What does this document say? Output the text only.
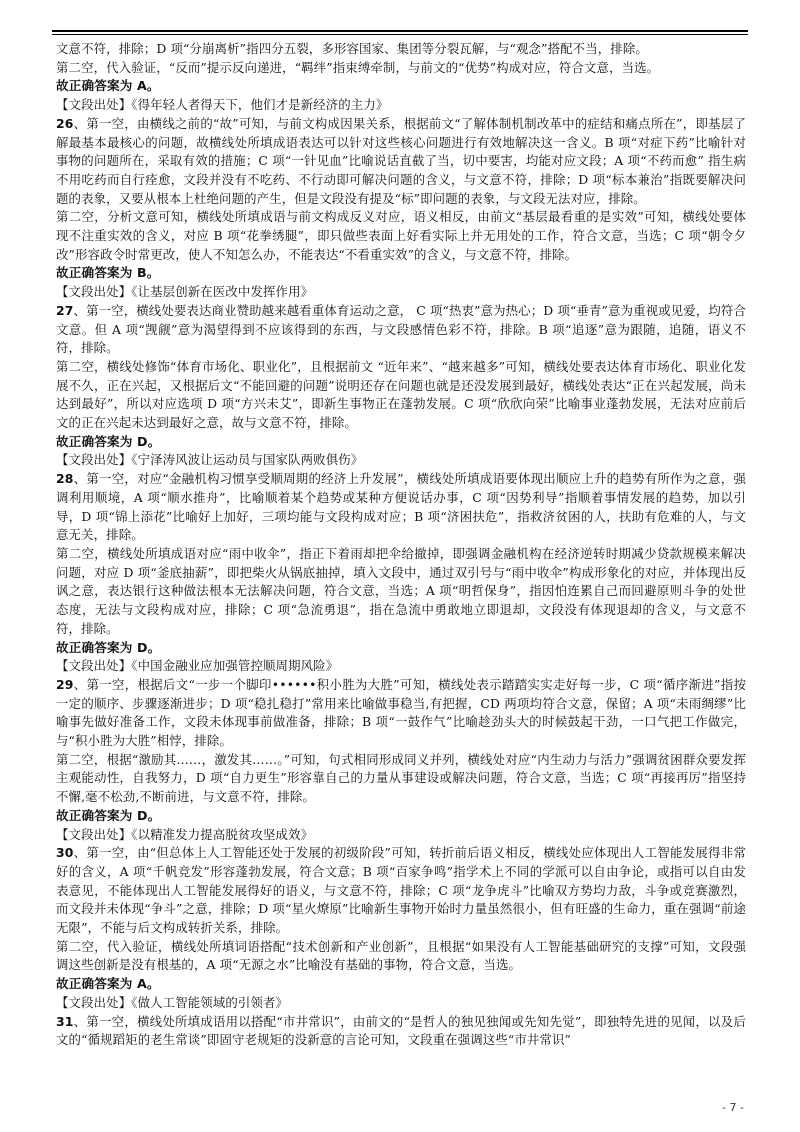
文意不符，排除；D 项“分崩离析”指四分五裂，多形容国家、集团等分裂瓦解，与“观念”搭配不当，排除。

第二空，代入验证，“反而”提示反向递进，“羁绊”指束缚牵制，与前文的“优势”构成对应，符合文意，当选。

故正确答案为 A。

【文段出处】《得年轻人者得天下，他们才是新经济的主力》

26、第一空，由横线之前的“故”可知，与前文构成因果关系，根据前文“了解体制机制改革中的症结和痛点所在”，即基层了解最基本最核心的问题，故横线处所填成语表达可以针对这些核心问题进行有效地解决这一含义。B 项“对症下药”比喻针对事物的问题所在，采取有效的措施；C 项“一针见血”比喻说话直截了当，切中要害，均能对应文段；A 项“不药而愈” 指生病不用吃药而自行痊愈，文段并没有不吃药、不行动即可解决问题的含义，与文意不符，排除；D 项“标本兼治”指既要解决问题的表象，又要从根本上杜绝问题的产生，但是文段没有提及“标”即问题的表象，与文段无法对应，排除。

第二空，分析文意可知，横线处所填成语与前文构成反义对应，语义相反，由前文“基层最看重的是实效”可知，横线处要体现不注重实效的含义，对应 B 项“花拳绣腿”，即只做些表面上好看实际上并无用处的工作，符合文意，当选；C 项“朝令夕改”形容政令时常更改，使人不知怎么办，不能表达“不看重实效”的含义，与文意不符，排除。

故正确答案为 B。

【文段出处】《让基层创新在医改中发挥作用》

27、第一空，横线处要表达商业赞助越来越看重体育运动之意， C 项“热衷”意为热心；D 项“垂青”意为重视或见爱，均符合文意。但 A 项“觊觎”意为渴望得到不应该得到的东西，与文段感情色彩不符，排除。B 项“追逐”意为跟随，追随，语义不符，排除。

第二空，横线处修饰“体育市场化、职业化”，且根据前文 “近年来”、“越来越多”可知，横线处要表达体育市场化、职业化发展不久，正在兴起，又根据后文“不能回避的问题”说明还存在问题也就是还没发展到最好，横线处表达“正在兴起发展，尚未达到最好”，所以对应选项 D 项“方兴未艾”，即新生事物正在蓬勃发展。C 项“欣欣向荣”比喻事业蓬勃发展，无法对应前后文的正在兴起未达到最好之意，故与文意不符，排除。

故正确答案为 D。

【文段出处】《宁泽涛风波让运动员与国家队两败俱伤》

28、第一空，对应“金融机构习惯享受顺周期的经济上升发展”，横线处所填成语要体现出顺应上升的趋势有所作为之意，强调利用顺境，A 项“顺水推舟”，比喻顺着某个趋势或某种方便说话办事，C 项“因势利导”指顺着事情发展的趋势，加以引导，D 项“锦上添花”比喻好上加好，三项均能与文段构成对应；B 项“济困扶危”，指救济贫困的人，扶助有危难的人，与文意无关，排除。

第二空，横线处所填成语对应“雨中收伞”，指正下着雨却把伞给撤掉，即强调金融机构在经济逆转时期减少贷款规模来解决问题，对应 D 项“釜底抽薪”，即把柴火从锅底抽掉，填入文段中，通过双引号与“雨中收伞”构成形象化的对应，并体现出反讽之意，表达银行这种做法根本无法解决问题，符合文意，当选；A 项“明哲保身”，指因怕连累自己而回避原则斗争的处世态度，无法与文段构成对应，排除；C 项“急流勇退”，指在急流中勇敢地立即退却，文段没有体现退却的含义，与文意不符，排除。

故正确答案为 D。

【文段出处】《中国金融业应加强管控顺周期风险》

29、第一空，根据后文“一步一个脚印••••••积小胜为大胜”可知，横线处表示踏踏实实走好每一步，C 项“循序渐进”指按一定的顺序、步骤逐渐进步；D 项“稳扎稳打”常用来比喻做事稳当,有把握，CD 两项均符合文意，保留；A 项“未雨绸缪”比喻事先做好准备工作，文段未体现事前做准备，排除；B 项“一鼓作气”比喻趁劲头大的时候鼓起干劲，一口气把工作做完，与“积小胜为大胜”相悖，排除。

第二空，根据“激励其……，激发其……。”可知，句式相同形成同义并列，横线处对应“内生动力与活力”强调贫困群众要发挥主观能动性，自我努力，D 项“自力更生”形容靠自己的力量从事建设或解决问题，符合文意，当选；C 项“再接再厉”指坚持不懈,毫不松劲,不断前进，与文意不符，排除。

故正确答案为 D。

【文段出处】《以精准发力提高脱贫攻坚成效》

30、第一空，由“但总体上人工智能还处于发展的初级阶段”可知，转折前后语义相反，横线处应体现出人工智能发展得非常好的含义，A 项“千帆竞发”形容蓬勃发展，符合文意；B 项“百家争鸣”指学术上不同的学派可以自由争论，或指可以自由发表意见，不能体现出人工智能发展得好的语义，与文意不符，排除；C 项“龙争虎斗”比喻双方势均力敌，斗争或竞赛激烈，而文段并未体现“争斗”之意，排除；D 项“星火燎原”比喻新生事物开始时力量虽然很小，但有旺盛的生命力，重在强调“前途无限”，不能与后文构成转折关系，排除。

第二空，代入验证，横线处所填词语搭配“技术创新和产业创新”，且根据“如果没有人工智能基础研究的支撑”可知，文段强调这些创新是没有根基的，A 项“无源之水”比喻没有基础的事物，符合文意，当选。

故正确答案为 A。

【文段出处】《做人工智能领域的引领者》

31、第一空，横线处所填成语用以搭配“市井常识”，由前文的“是哲人的独见独闻或先知先觉”，即独特先进的见闻，以及后文的“循规蹈矩的老生常谈”即固守老规矩的没新意的言论可知，文段重在强调这些“市井常识”

- 7 -
